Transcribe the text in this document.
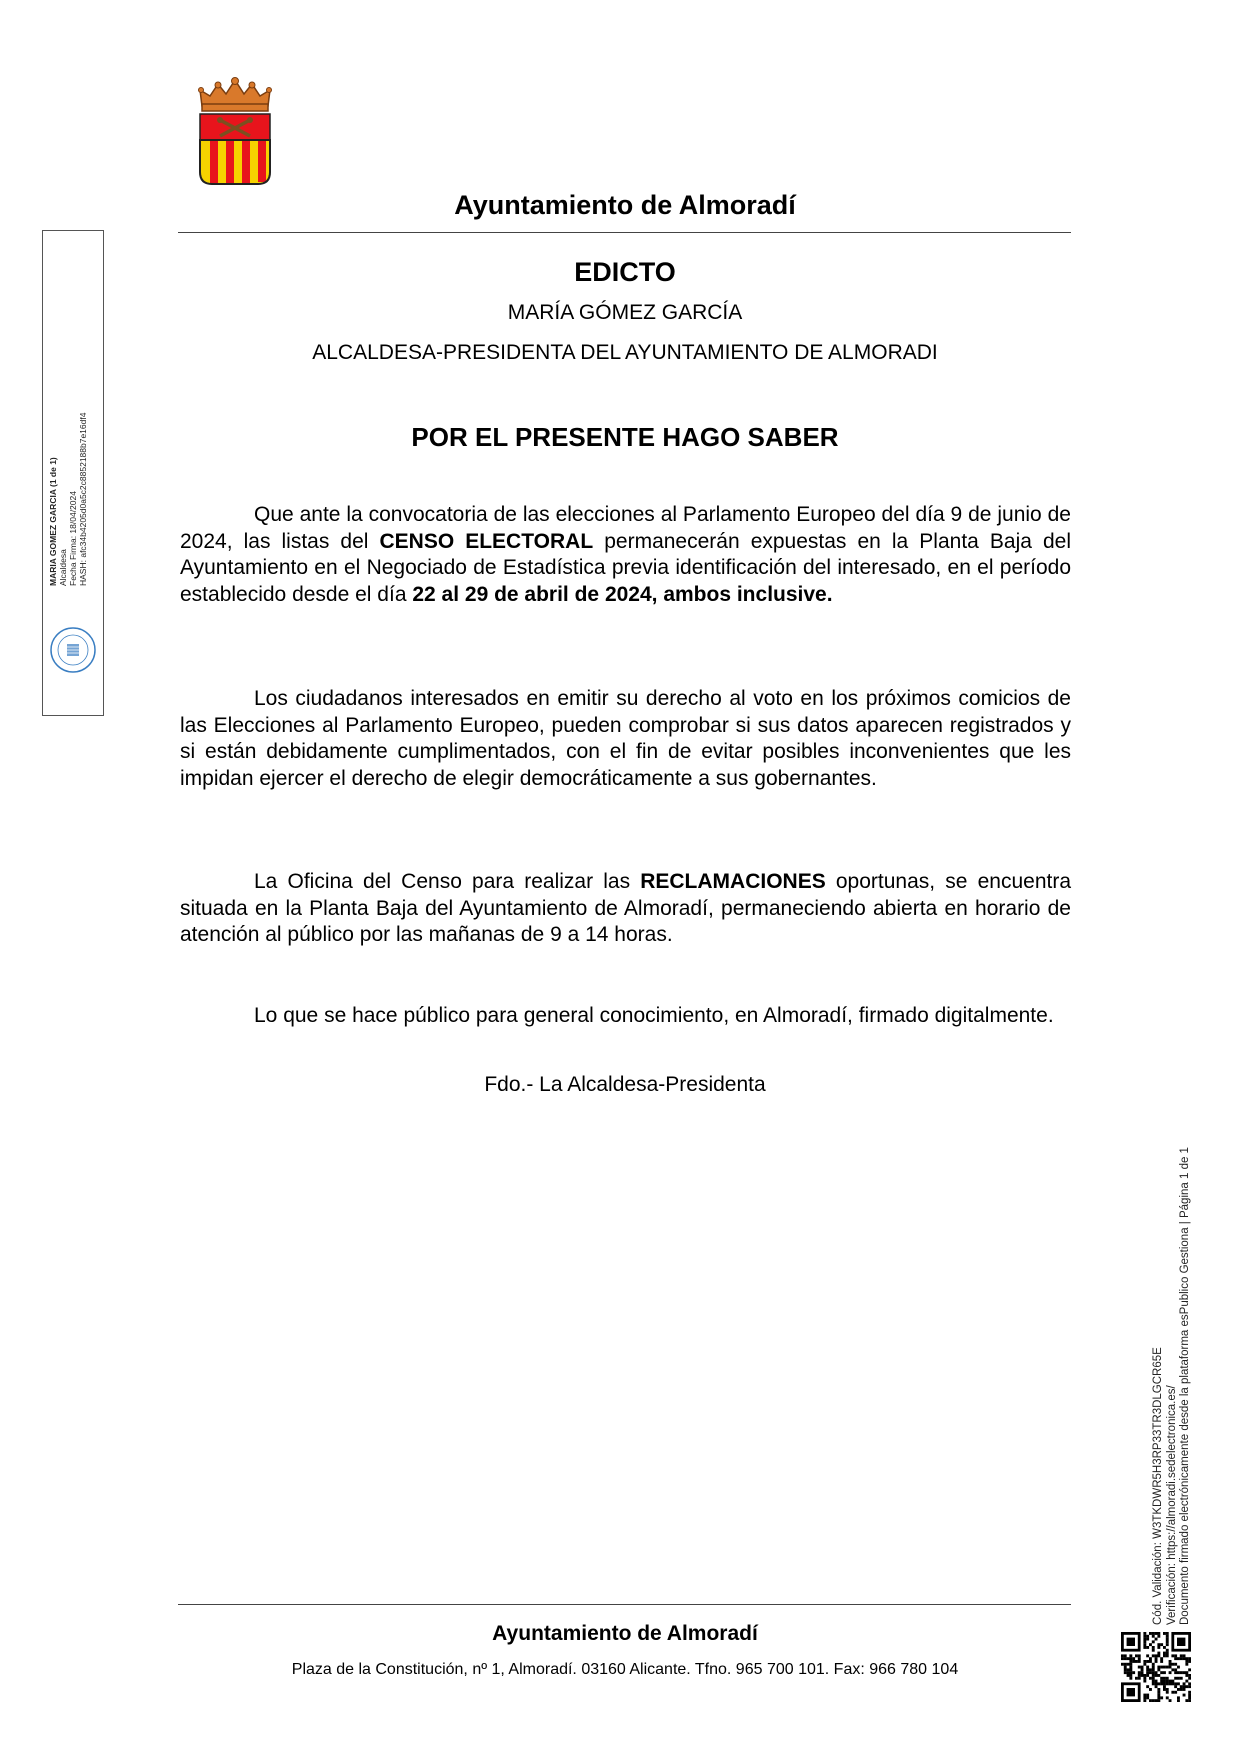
Ayuntamiento de Almoradí
EDICTO
MARÍA GÓMEZ GARCÍA
ALCALDESA-PRESIDENTA DEL AYUNTAMIENTO DE ALMORADI
POR EL PRESENTE HAGO SABER

Que ante la convocatoria de las elecciones al Parlamento Europeo del día 9 de junio de 2024, las listas del CENSO ELECTORAL permanecerán expuestas en la Planta Baja del Ayuntamiento en el Negociado de Estadística previa identificación del interesado, en el período establecido desde el día 22 al 29 de abril de 2024, ambos inclusive.

Los ciudadanos interesados en emitir su derecho al voto en los próximos comicios de las Elecciones al Parlamento Europeo, pueden comprobar si sus datos aparecen registrados y si están debidamente cumplimentados, con el fin de evitar posibles inconvenientes que les impidan ejercer el derecho de elegir democráticamente a sus gobernantes.

La Oficina del Censo para realizar las RECLAMACIONES oportunas, se encuentra situada en la Planta Baja del Ayuntamiento de Almoradí, permaneciendo abierta en horario de atención al público por las mañanas de 9 a 14 horas.

Lo que se hace público para general conocimiento, en Almoradí, firmado digitalmente.

Fdo.- La Alcaldesa-Presidenta
Ayuntamiento de Almoradí
Plaza de la Constitución, nº 1, Almoradí. 03160 Alicante. Tfno. 965 700 101. Fax: 966 780 104
MARIA GOMEZ GARCIA (1 de 1) Alcaldesa Fecha Firma: 18/04/2024 HASH: afc34b4205d0a5c2c8852188b7e16df4
Cód. Validación: W3TKDWR5H3RP33TR3DLGCR65E Verificación: https://almoradi.sedelectronica.es/ Documento firmado electrónicamente desde la plataforma esPublico Gestiona | Página 1 de 1
